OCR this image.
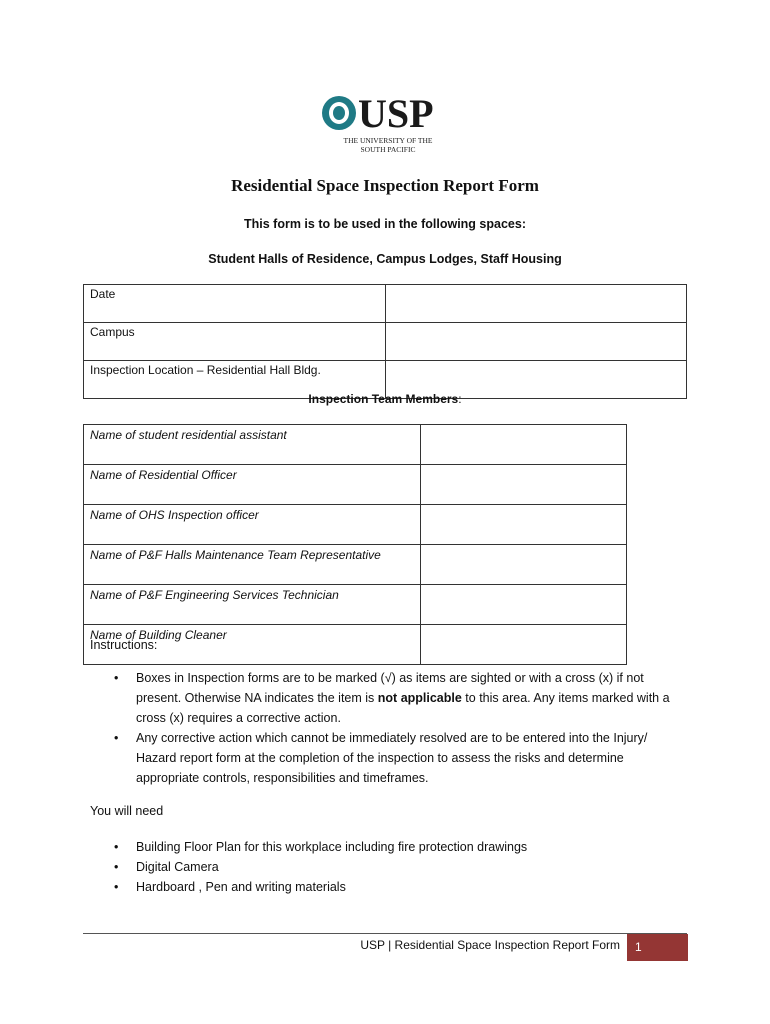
USP
THE UNIVERSITY OF THE
SOUTH PACIFIC
Residential Space Inspection Report Form
This form is to be used in the following spaces:
Student Halls of Residence, Campus Lodges, Staff Housing
Date	
Campus	
Inspection Location – Residential Hall Bldg.	
Inspection Team Members:
Name of student residential assistant	
Name of Residential Officer	
Name of OHS Inspection officer	
Name of P&F Halls Maintenance Team Representative	
Name of P&F Engineering Services Technician	
Name of Building Cleaner	
Instructions:
• Boxes in Inspection forms are to be marked (√) as items are sighted or with a cross (x) if not present. Otherwise NA indicates the item is not applicable to this area. Any items marked with a cross (x) requires a corrective action.
• Any corrective action which cannot be immediately resolved are to be entered into the Injury/ Hazard report form at the completion of the inspection to assess the risks and determine appropriate controls, responsibilities and timeframes.
You will need
• Building Floor Plan for this workplace including fire protection drawings
• Digital Camera
• Hardboard , Pen and writing materials
USP | Residential Space Inspection Report Form	1
